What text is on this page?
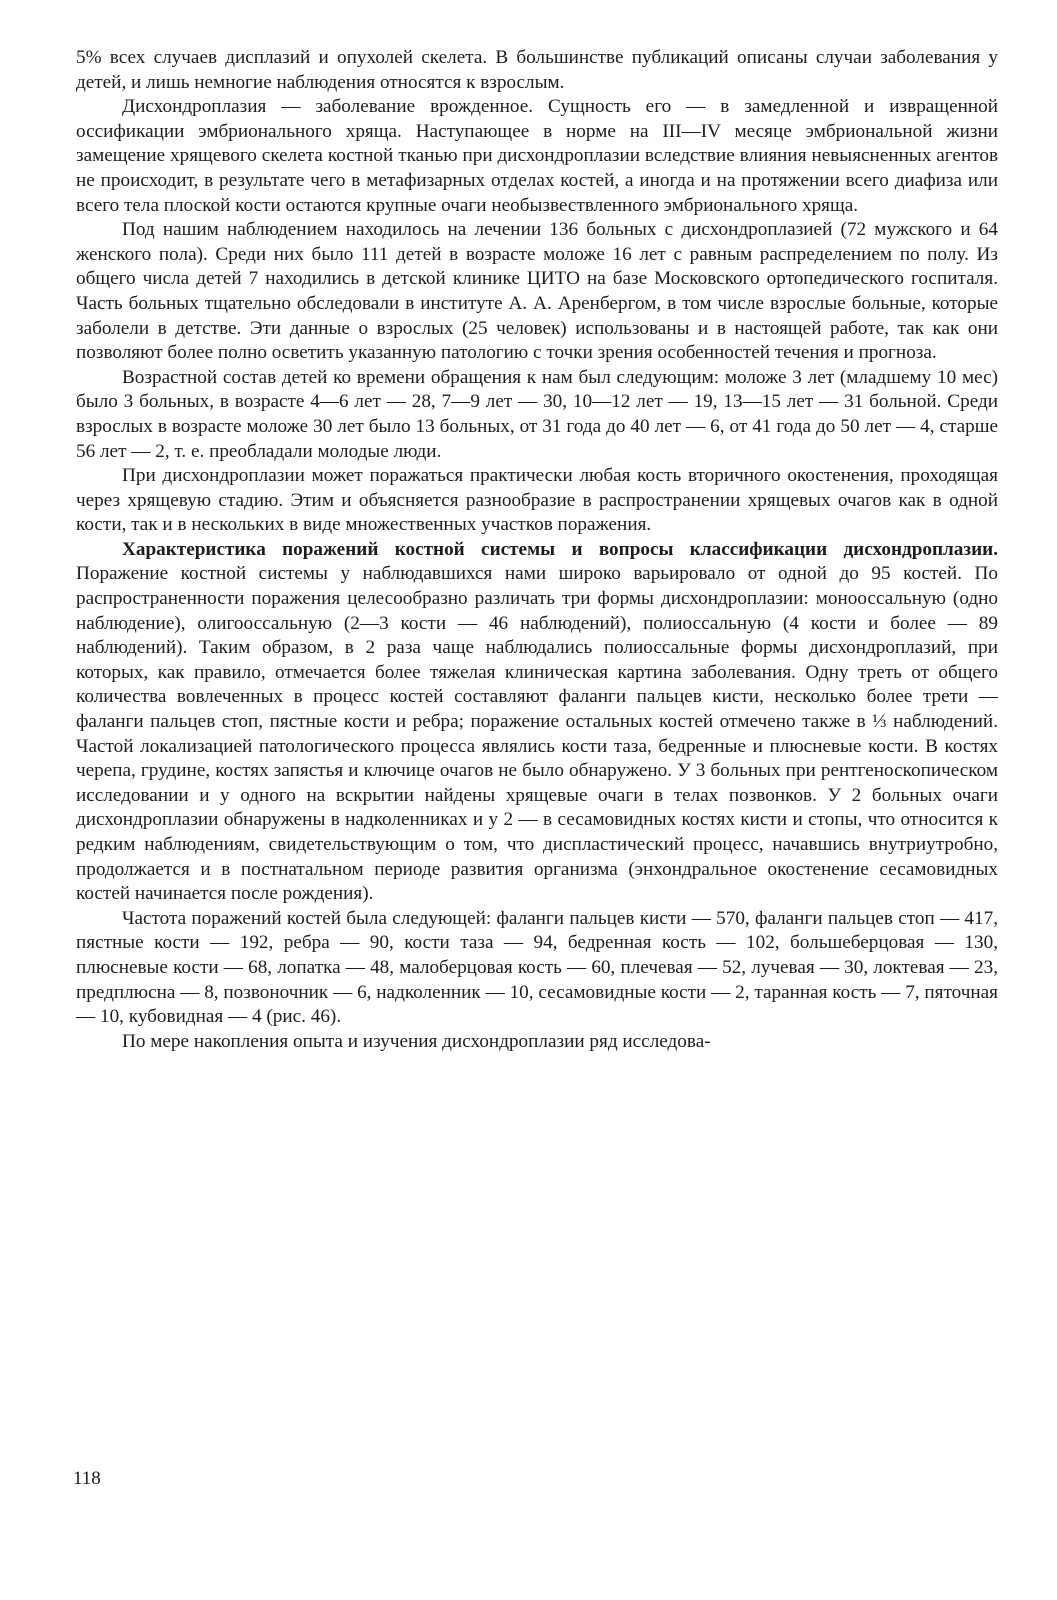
5% всех случаев дисплазий и опухолей скелета. В большинстве публикаций описаны случаи заболевания у детей, и лишь немногие наблюдения относятся к взрослым.

Дисхондроплазия — заболевание врожденное. Сущность его — в замедленной и извращенной оссификации эмбрионального хряща. Наступающее в норме на III—IV месяце эмбриональной жизни замещение хрящевого скелета костной тканью при дисхондроплазии вследствие влияния невыясненных агентов не происходит, в результате чего в метафизарных отделах костей, а иногда и на протяжении всего диафиза или всего тела плоской кости остаются крупные очаги необызвествленного эмбрионального хряща.

Под нашим наблюдением находилось на лечении 136 больных с дисхондроплазией (72 мужского и 64 женского пола). Среди них было 111 детей в возрасте моложе 16 лет с равным распределением по полу. Из общего числа детей 7 находились в детской клинике ЦИТО на базе Московского ортопедического госпиталя. Часть больных тщательно обследовали в институте А. А. Аренбергом, в том числе взрослые больные, которые заболели в детстве. Эти данные о взрослых (25 человек) использованы и в настоящей работе, так как они позволяют более полно осветить указанную патологию с точки зрения особенностей течения и прогноза.

Возрастной состав детей ко времени обращения к нам был следующим: моложе 3 лет (младшему 10 мес) было 3 больных, в возрасте 4—6 лет — 28, 7—9 лет — 30, 10—12 лет — 19, 13—15 лет — 31 больной. Среди взрослых в возрасте моложе 30 лет было 13 больных, от 31 года до 40 лет — 6, от 41 года до 50 лет — 4, старше 56 лет — 2, т. е. преобладали молодые люди.

При дисхондроплазии может поражаться практически любая кость вторичного окостенения, проходящая через хрящевую стадию. Этим и объясняется разнообразие в распространении хрящевых очагов как в одной кости, так и в нескольких в виде множественных участков поражения.

Характеристика поражений костной системы и вопросы классификации дисхондроплазии. Поражение костной системы у наблюдавшихся нами широко варьировало от одной до 95 костей. По распространенности поражения целесообразно различать три формы дисхондроплазии: монооссальную (одно наблюдение), олигооссальную (2—3 кости — 46 наблюдений), полиоссальную (4 кости и более — 89 наблюдений). Таким образом, в 2 раза чаще наблюдались полиоссальные формы дисхондроплазий, при которых, как правило, отмечается более тяжелая клиническая картина заболевания. Одну треть от общего количества вовлеченных в процесс костей составляют фаланги пальцев кисти, несколько более трети — фаланги пальцев стоп, пястные кости и ребра; поражение остальных костей отмечено также в ⅓ наблюдений. Частой локализацией патологического процесса являлись кости таза, бедренные и плюсневые кости. В костях черепа, грудине, костях запястья и ключице очагов не было обнаружено. У 3 больных при рентгеноскопическом исследовании и у одного на вскрытии найдены хрящевые очаги в телах позвонков. У 2 больных очаги дисхондроплазии обнаружены в надколенниках и у 2 — в сесамовидных костях кисти и стопы, что относится к редким наблюдениям, свидетельствующим о том, что диспластический процесс, начавшись внутриутробно, продолжается и в постнатальном периоде развития организма (энхондральное окостенение сесамовидных костей начинается после рождения).

Частота поражений костей была следующей: фаланги пальцев кисти — 570, фаланги пальцев стоп — 417, пястные кости — 192, ребра — 90, кости таза — 94, бедренная кость — 102, большеберцовая — 130, плюсневые кости — 68, лопатка — 48, малоберцовая кость — 60, плечевая — 52, лучевая — 30, локтевая — 23, предплюсна — 8, позвоночник — 6, надколенник — 10, сесамовидные кости — 2, таранная кость — 7, пяточная — 10, кубовидная — 4 (рис. 46).

По мере накопления опыта и изучения дисхондроплазии ряд исследова-

118
